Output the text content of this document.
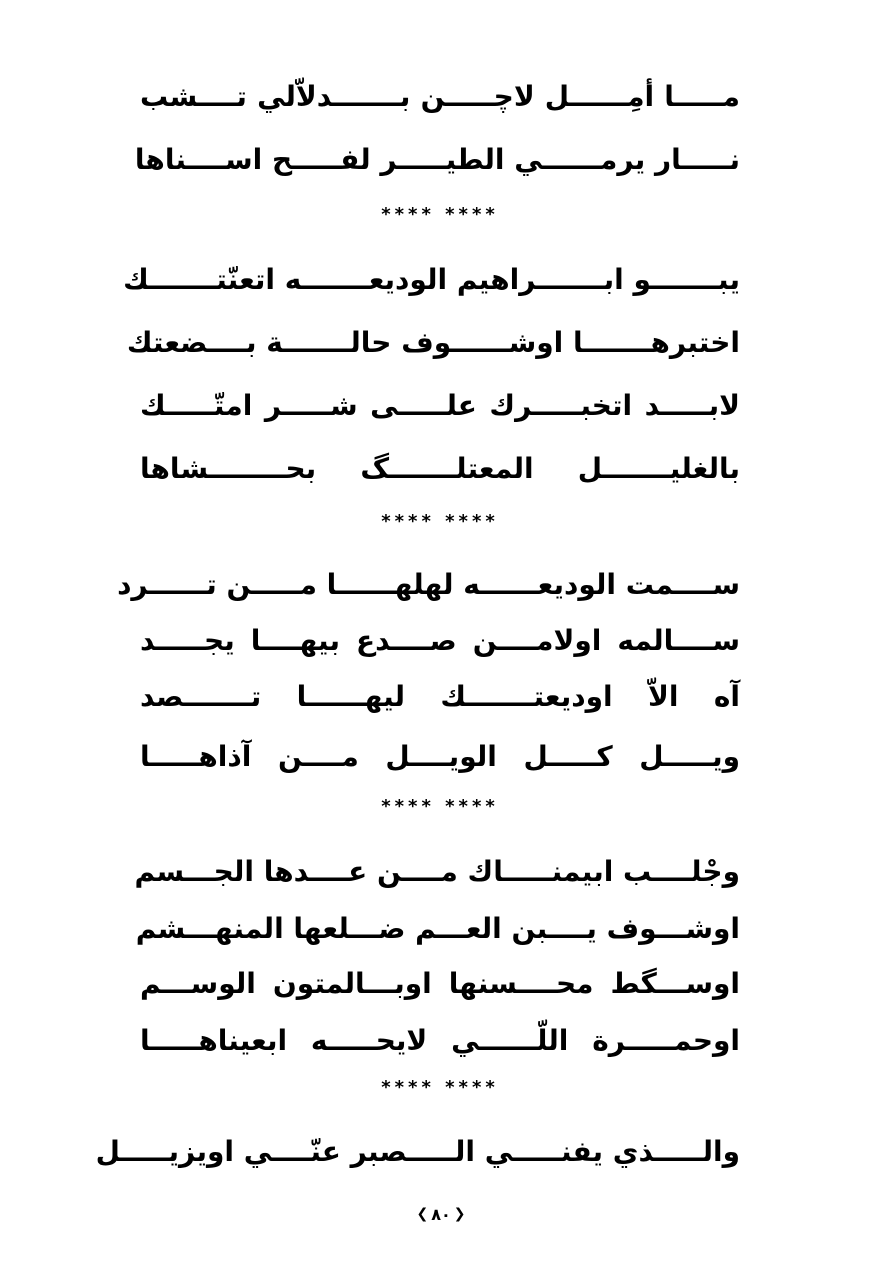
مـــــا أمِــــــل لاچـــــن بـــــــدلاّلي تــــشب
نـــــار يرمــــــي الطيـــــر لفـــــح اســــناها
**** ****
يبـــــــو ابـــــــراهيم الوديعـــــــه اتعنّتـــــــك
اختبرهـــــــا اوشــــــوف حالـــــــة بــــضعتك
لابـــــد اتخبـــــرك علـــــى شـــــر امتّـــــك
بالغليـــــــل المعتلـــــــگ بحــــــــشاها
**** ****
ســــمت الوديعــــــه لهلهــــــا مـــــن تــــــرد
ســــالمه اولامــــن صــــدع بيهــــا يجـــــد
آه الاّ اوديعتـــــــك ليهــــــا تـــــــصد
ويـــــل كـــــل الويــــل مــــن آذاهـــــا
**** ****
وجْلــــب ابيمنـــــاك مــــن عــــدها الجـــسم
اوشـــوف يــــبن العـــم ضـــلعها المنهـــشم
اوســـگط محــــسنها اوبـــالمتون الوســـم
اوحمـــــرة اللّــــــي لايحـــــه ابعيناهـــــا
**** ****
والـــــذي يفنـــــي الـــــصبر عنّــــي اويزيـــــل
❮ ٨٠ ❯
